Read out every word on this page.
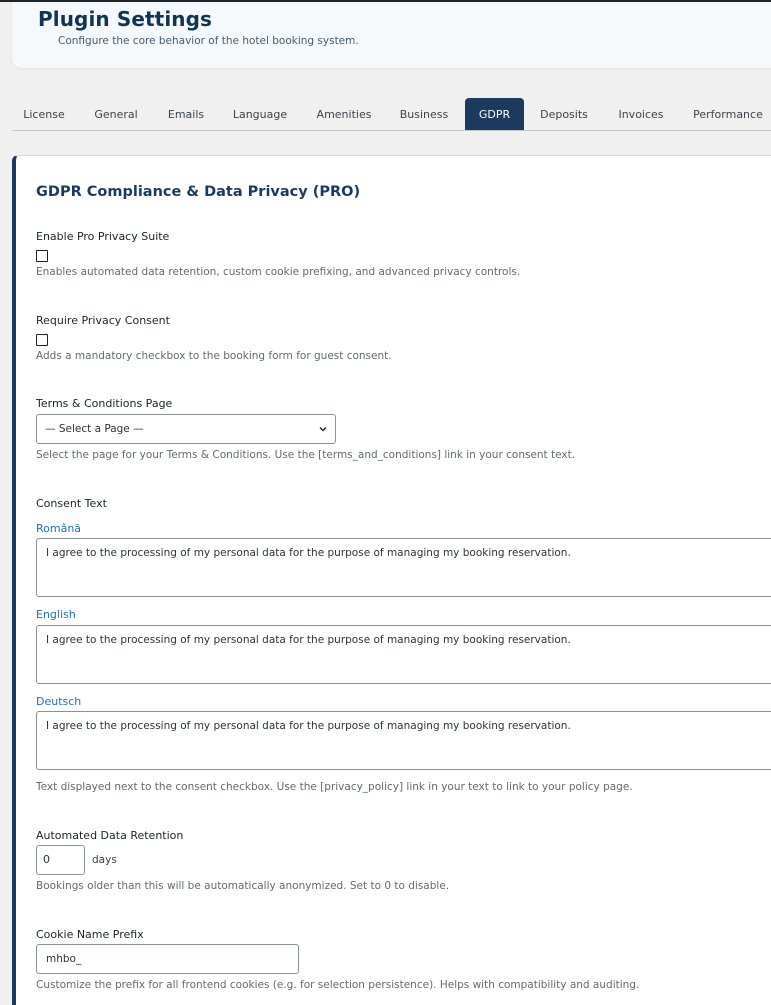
Plugin Settings
Configure the core behavior of the hotel booking system.
License	General	Emails	Language	Amenities	Business	GDPR	Deposits	Invoices	Performance
GDPR Compliance & Data Privacy (PRO)
Enable Pro Privacy Suite
Enables automated data retention, custom cookie prefixing, and advanced privacy controls.
Require Privacy Consent
Adds a mandatory checkbox to the booking form for guest consent.
Terms & Conditions Page
— Select a Page —
Select the page for your Terms & Conditions. Use the [terms_and_conditions] link in your consent text.
Consent Text
Română
I agree to the processing of my personal data for the purpose of managing my booking reservation.
English
I agree to the processing of my personal data for the purpose of managing my booking reservation.
Deutsch
I agree to the processing of my personal data for the purpose of managing my booking reservation.
Text displayed next to the consent checkbox. Use the [privacy_policy] link in your text to link to your policy page.
Automated Data Retention
0	days
Bookings older than this will be automatically anonymized. Set to 0 to disable.
Cookie Name Prefix
mhbo_
Customize the prefix for all frontend cookies (e.g. for selection persistence). Helps with compatibility and auditing.
